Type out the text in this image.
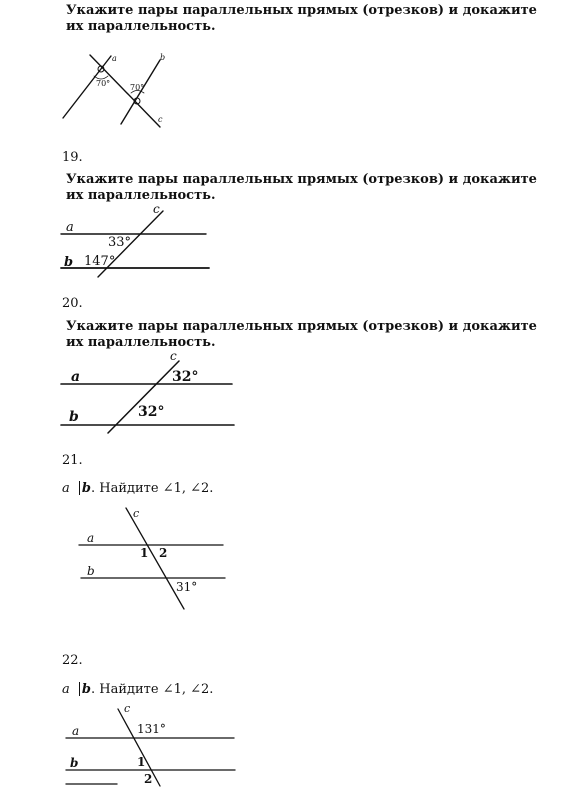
Укажите пары параллельных прямых (отрезков) и докажите
их параллельность.
19.
Укажите пары параллельных прямых (отрезков) и докажите
их параллельность.
20.
Укажите пары параллельных прямых (отрезков) и докажите
их параллельность.
21.
a b. Найдите ∠1, ∠2.
22.
a b. Найдите ∠1, ∠2.
a	b
c
70° 70°
a
b
c
33°
147°
a
b
c
32°
32°
a
b
c
1 2
31°
a
b
c
131°
1
2
